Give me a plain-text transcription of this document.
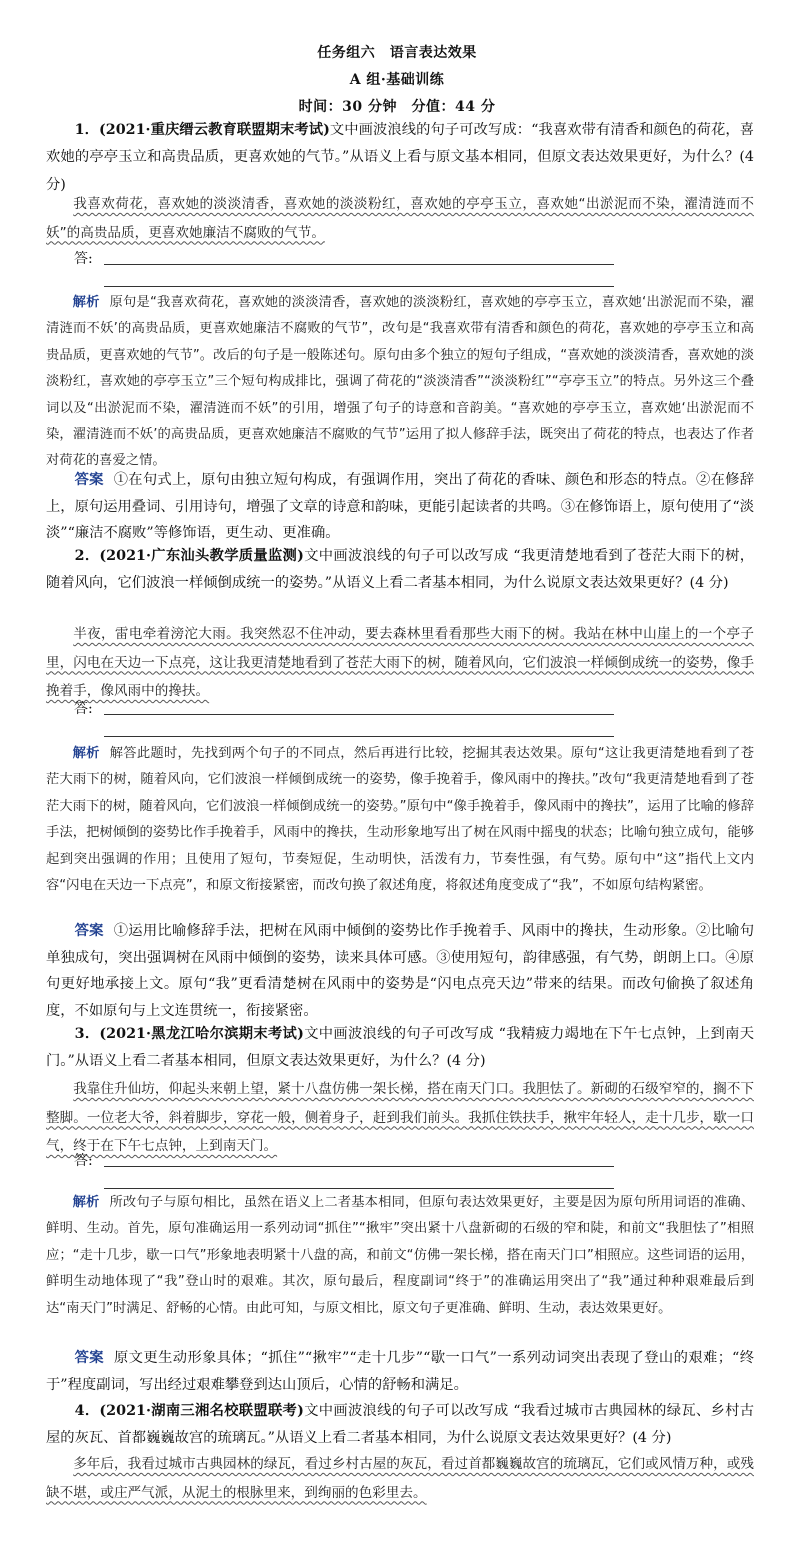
任务组六　语言表达效果
A 组·基础训练
时间：30 分钟　分值：44 分

1．(2021·重庆缙云教育联盟期末考试)文中画波浪线的句子可改写成：“我喜欢带有清香和颜色的荷花，喜欢她的亭亭玉立和高贵品质，更喜欢她的气节。”从语义上看与原文基本相同，但原文表达效果更好，为什么？(4 分)

我喜欢荷花，喜欢她的淡淡清香，喜欢她的淡淡粉红，喜欢她的亭亭玉立，喜欢她“出淤泥而不染，濯清涟而不妖”的高贵品质，更喜欢她廉洁不腐败的气节。

答:

解析 原句是“我喜欢荷花，喜欢她的淡淡清香，喜欢她的淡淡粉红，喜欢她的亭亭玉立，喜欢她‘出淤泥而不染，濯清涟而不妖’的高贵品质，更喜欢她廉洁不腐败的气节”，改句是“我喜欢带有清香和颜色的荷花，喜欢她的亭亭玉立和高贵品质，更喜欢她的气节”。改后的句子是一般陈述句。原句由多个独立的短句子组成，“喜欢她的淡淡清香，喜欢她的淡淡粉红，喜欢她的亭亭玉立”三个短句构成排比，强调了荷花的“淡淡清香”“淡淡粉红”“亭亭玉立”的特点。另外这三个叠词以及“出淤泥而不染，濯清涟而不妖”的引用，增强了句子的诗意和音韵美。“喜欢她的亭亭玉立，喜欢她‘出淤泥而不染，濯清涟而不妖’的高贵品质，更喜欢她廉洁不腐败的气节”运用了拟人修辞手法，既突出了荷花的特点，也表达了作者对荷花的喜爱之情。

答案 ①在句式上，原句由独立短句构成，有强调作用，突出了荷花的香味、颜色和形态的特点。②在修辞上，原句运用叠词、引用诗句，增强了文章的诗意和韵味，更能引起读者的共鸣。③在修饰语上，原句使用了“淡淡”“廉洁不腐败”等修饰语，更生动、更准确。

2．(2021·广东汕头教学质量监测)文中画波浪线的句子可以改写成 “我更清楚地看到了苍茫大雨下的树，随着风向，它们波浪一样倾倒成统一的姿势。”从语义上看二者基本相同，为什么说原文表达效果更好？(4 分)

半夜，雷电牵着滂沱大雨。我突然忍不住冲动，要去森林里看看那些大雨下的树。我站在林中山崖上的一个亭子里，闪电在天边一下点亮，这让我更清楚地看到了苍茫大雨下的树，随着风向，它们波浪一样倾倒成统一的姿势，像手挽着手，像风雨中的搀扶。

答:

解析 解答此题时，先找到两个句子的不同点，然后再进行比较，挖掘其表达效果。原句“这让我更清楚地看到了苍茫大雨下的树，随着风向，它们波浪一样倾倒成统一的姿势，像手挽着手，像风雨中的搀扶。”改句“我更清楚地看到了苍茫大雨下的树，随着风向，它们波浪一样倾倒成统一的姿势。”原句中“像手挽着手，像风雨中的搀扶”，运用了比喻的修辞手法，把树倾倒的姿势比作手挽着手，风雨中的搀扶，生动形象地写出了树在风雨中摇曳的状态；比喻句独立成句，能够起到突出强调的作用；且使用了短句，节奏短促，生动明快，活泼有力，节奏性强，有气势。原句中“这”指代上文内容“闪电在天边一下点亮”，和原文衔接紧密，而改句换了叙述角度，将叙述角度变成了“我”，不如原句结构紧密。

答案 ①运用比喻修辞手法，把树在风雨中倾倒的姿势比作手挽着手、风雨中的搀扶，生动形象。②比喻句单独成句，突出强调树在风雨中倾倒的姿势，读来具体可感。③使用短句，韵律感强，有气势，朗朗上口。④原句更好地承接上文。原句“我”更看清楚树在风雨中的姿势是“闪电点亮天边”带来的结果。而改句偷换了叙述角度，不如原句与上文连贯统一，衔接紧密。

3．(2021·黑龙江哈尔滨期末考试)文中画波浪线的句子可改写成 “我精疲力竭地在下午七点钟，上到南天门。”从语义上看二者基本相同，但原文表达效果更好，为什么？(4 分)

我靠住升仙坊，仰起头来朝上望，紧十八盘仿佛一架长梯，搭在南天门口。我胆怯了。新砌的石级窄窄的，搁不下整脚。一位老大爷，斜着脚步，穿花一般，侧着身子，赶到我们前头。我抓住铁扶手，揪牢年轻人，走十几步，歇一口气，终于在下午七点钟，上到南天门。

答:

解析 所改句子与原句相比，虽然在语义上二者基本相同，但原句表达效果更好，主要是因为原句所用词语的准确、鲜明、生动。首先，原句准确运用一系列动词“抓住”“揪牢”突出紧十八盘新砌的石级的窄和陡，和前文“我胆怯了”相照应；“走十几步，歇一口气”形象地表明紧十八盘的高，和前文“仿佛一架长梯，搭在南天门口”相照应。这些词语的运用，鲜明生动地体现了“我”登山时的艰难。其次，原句最后，程度副词“终于”的准确运用突出了“我”通过种种艰难最后到达“南天门”时满足、舒畅的心情。由此可知，与原文相比，原文句子更准确、鲜明、生动，表达效果更好。

答案 原文更生动形象具体；“抓住”“揪牢”“走十几步”“歇一口气”一系列动词突出表现了登山的艰难；“终于”程度副词，写出经过艰难攀登到达山顶后，心情的舒畅和满足。

4．(2021·湖南三湘名校联盟联考)文中画波浪线的句子可以改写成 “我看过城市古典园林的绿瓦、乡村古屋的灰瓦、首都巍巍故宫的琉璃瓦。”从语义上看二者基本相同，为什么说原文表达效果更好？(4 分)

多年后，我看过城市古典园林的绿瓦，看过乡村古屋的灰瓦，看过首都巍巍故宫的琉璃瓦，它们或风情万种，或残缺不堪，或庄严气派，从泥土的根脉里来，到绚丽的色彩里去。
